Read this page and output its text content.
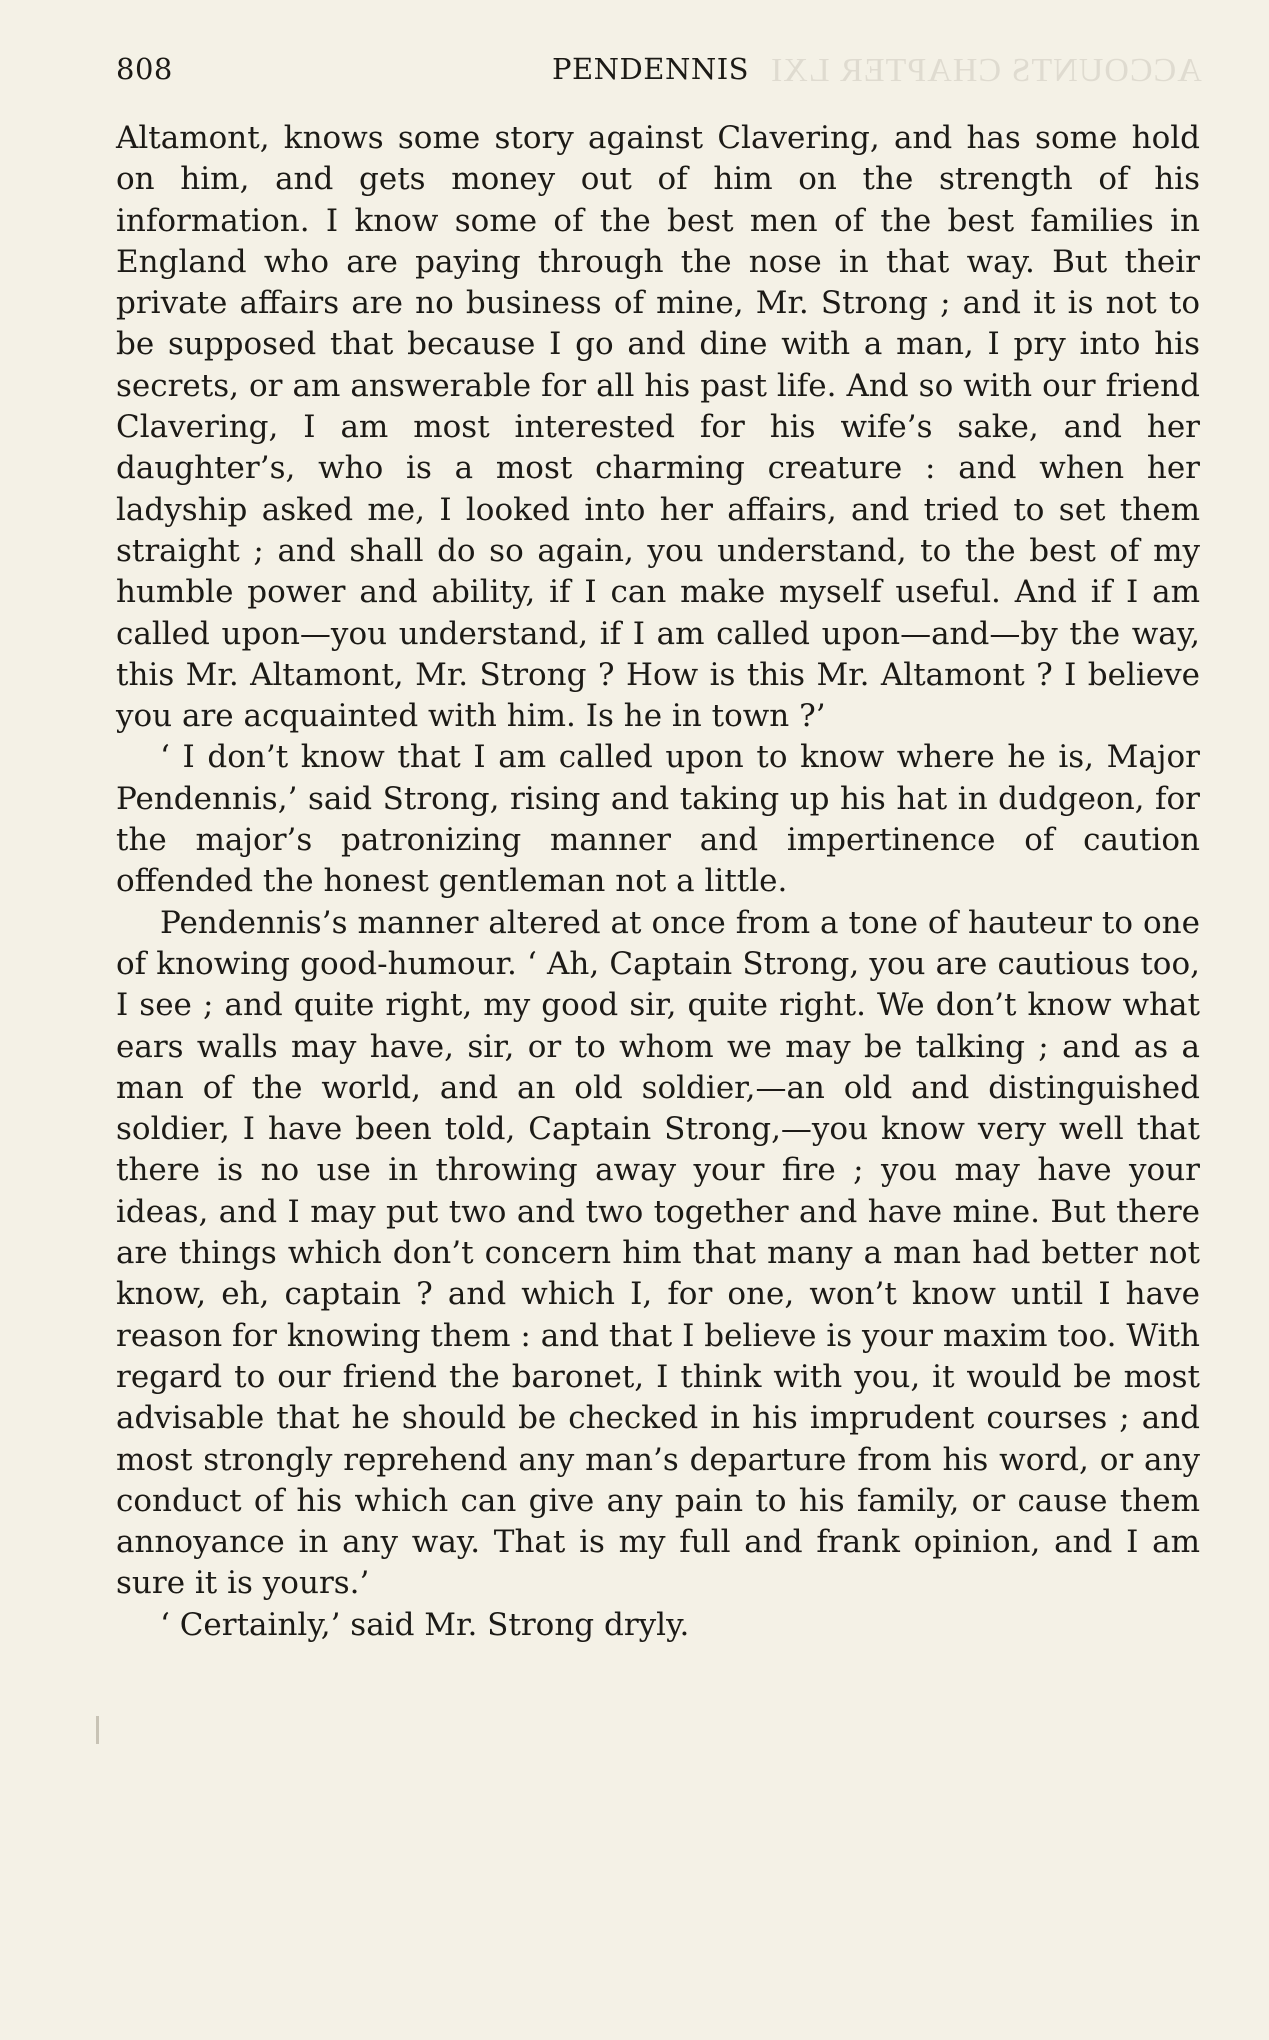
ACCOUNTS CHAPTER LXI
808	PENDENNIS

Altamont, knows some story against Clavering, and has some hold on him, and gets money out of him on the strength of his information. I know some of the best men of the best families in England who are paying through the nose in that way. But their private affairs are no business of mine, Mr. Strong ; and it is not to be supposed that because I go and dine with a man, I pry into his secrets, or am answerable for all his past life. And so with our friend Clavering, I am most interested for his wife’s sake, and her daughter’s, who is a most charming creature : and when her ladyship asked me, I looked into her affairs, and tried to set them straight ; and shall do so again, you understand, to the best of my humble power and ability, if I can make myself useful. And if I am called upon—you understand, if I am called upon—and—by the way, this Mr. Altamont, Mr. Strong ? How is this Mr. Altamont ? I believe you are acquainted with him. Is he in town ?’

‘ I don’t know that I am called upon to know where he is, Major Pendennis,’ said Strong, rising and taking up his hat in dudgeon, for the major’s patronizing manner and impertinence of caution offended the honest gentleman not a little.

Pendennis’s manner altered at once from a tone of hauteur to one of knowing good-humour. ‘ Ah, Captain Strong, you are cautious too, I see ; and quite right, my good sir, quite right. We don’t know what ears walls may have, sir, or to whom we may be talking ; and as a man of the world, and an old soldier,—an old and distinguished soldier, I have been told, Captain Strong,—you know very well that there is no use in throwing away your fire ; you may have your ideas, and I may put two and two together and have mine. But there are things which don’t concern him that many a man had better not know, eh, captain ? and which I, for one, won’t know until I have reason for knowing them : and that I believe is your maxim too. With regard to our friend the baronet, I think with you, it would be most advisable that he should be checked in his imprudent courses ; and most strongly reprehend any man’s departure from his word, or any conduct of his which can give any pain to his family, or cause them annoyance in any way. That is my full and frank opinion, and I am sure it is yours.’

‘ Certainly,’ said Mr. Strong dryly.
